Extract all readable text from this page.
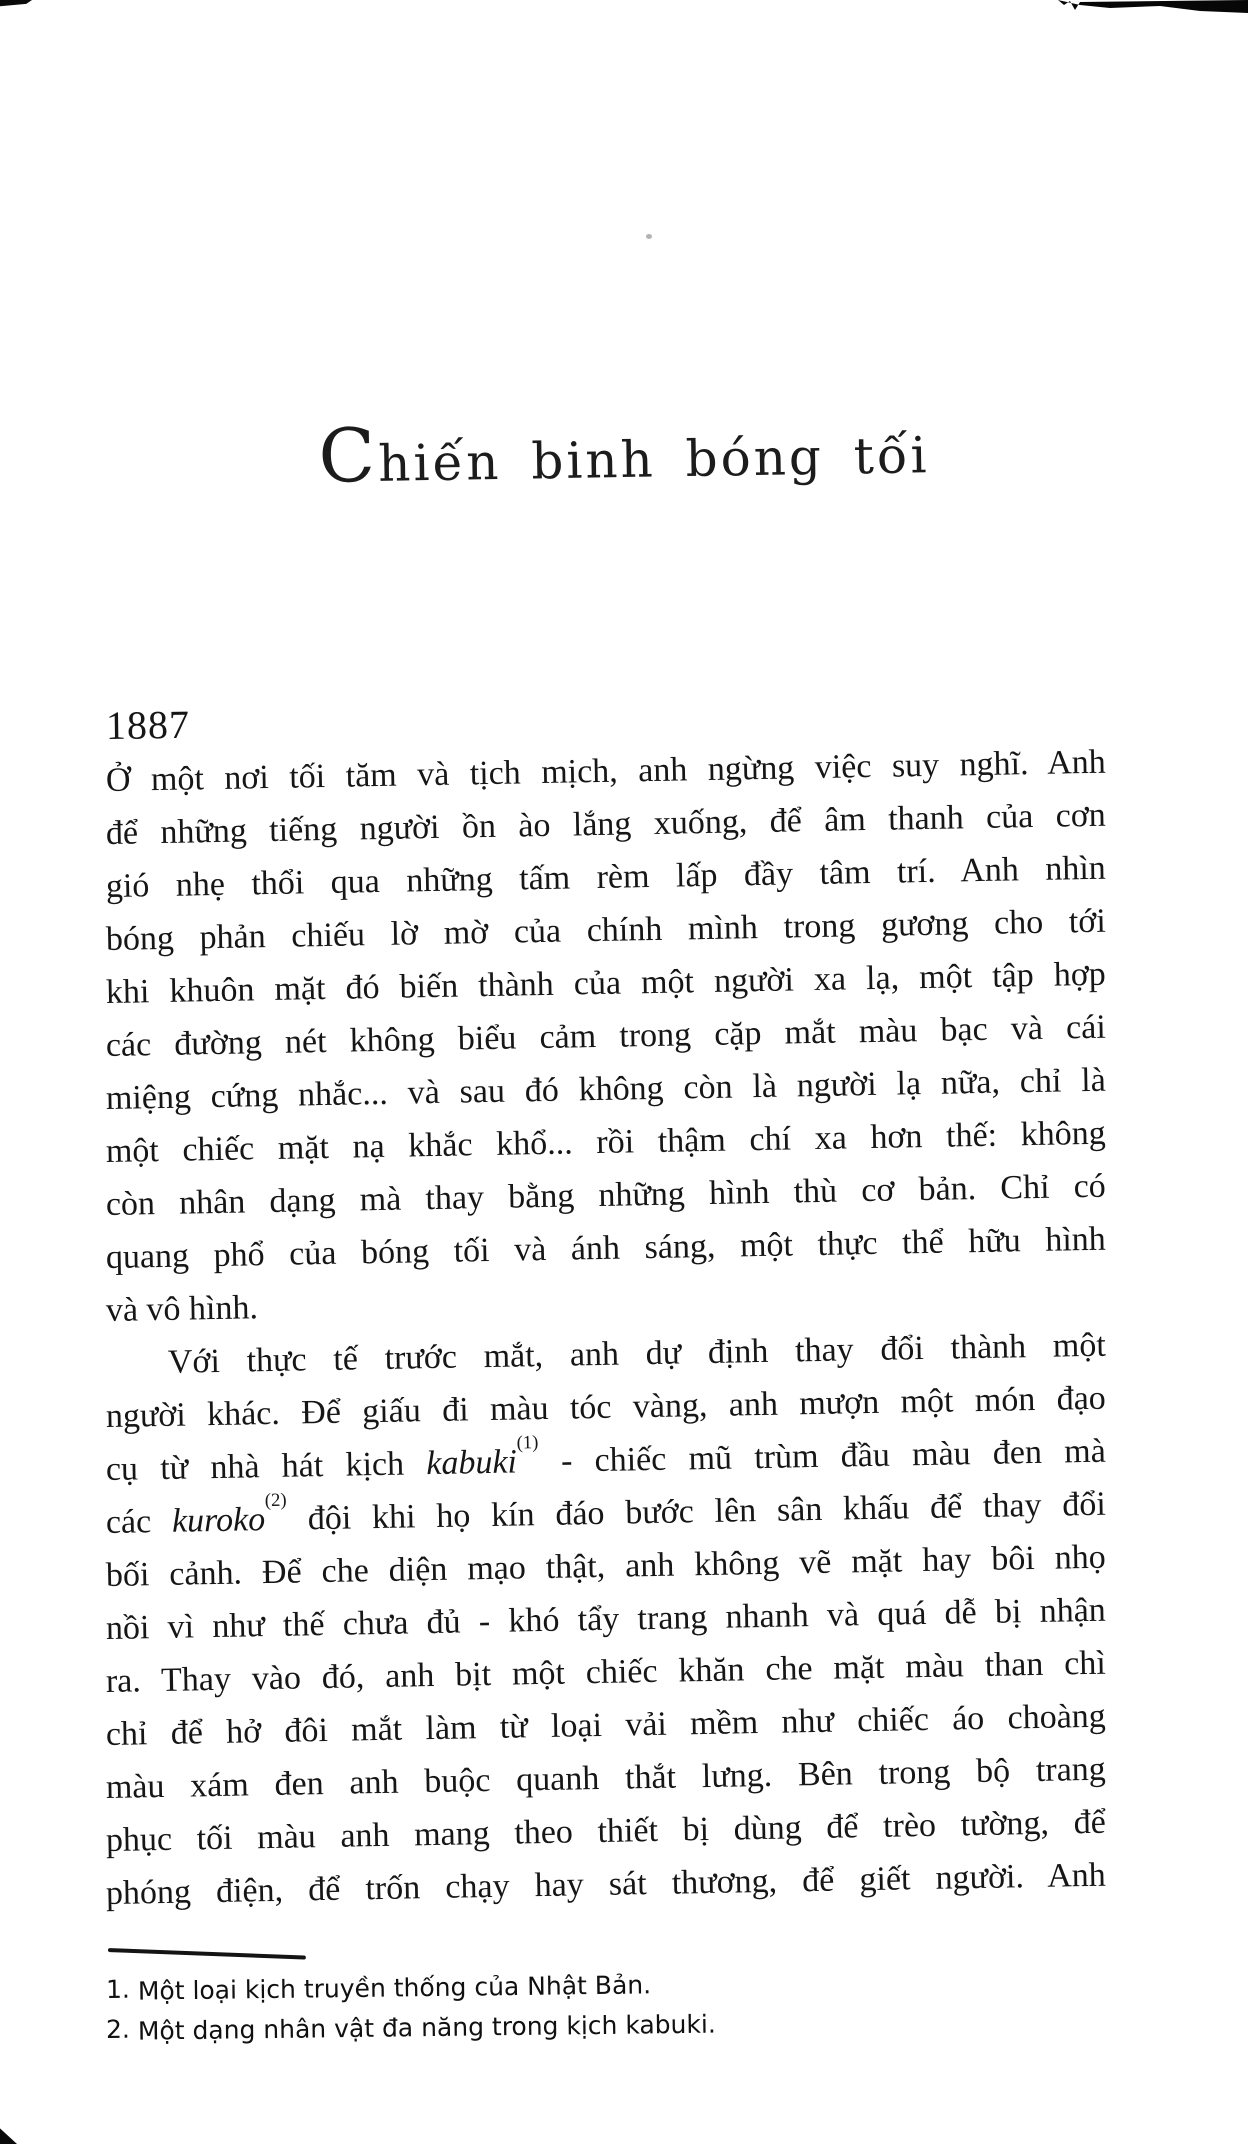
Chiến binh bóng tối
1887
Ở một nơi tối tăm và tịch mịch, anh ngừng việc suy nghĩ. Anh
để những tiếng người ồn ào lắng xuống, để âm thanh của cơn
gió nhẹ thổi qua những tấm rèm lấp đầy tâm trí. Anh nhìn
bóng phản chiếu lờ mờ của chính mình trong gương cho tới
khi khuôn mặt đó biến thành của một người xa lạ, một tập hợp
các đường nét không biểu cảm trong cặp mắt màu bạc và cái
miệng cứng nhắc... và sau đó không còn là người lạ nữa, chỉ là
một chiếc mặt nạ khắc khổ... rồi thậm chí xa hơn thế: không
còn nhân dạng mà thay bằng những hình thù cơ bản. Chỉ có
quang phổ của bóng tối và ánh sáng, một thực thể hữu hình
và vô hình.
Với thực tế trước mắt, anh dự định thay đổi thành một
người khác. Để giấu đi màu tóc vàng, anh mượn một món đạo
cụ từ nhà hát kịch kabuki$^{(1)}$ - chiếc mũ trùm đầu màu đen mà
các kuroko$^{(2)}$ đội khi họ kín đáo bước lên sân khấu để thay đổi
bối cảnh. Để che diện mạo thật, anh không vẽ mặt hay bôi nhọ
nồi vì như thế chưa đủ - khó tẩy trang nhanh và quá dễ bị nhận
ra. Thay vào đó, anh bịt một chiếc khăn che mặt màu than chì
chỉ để hở đôi mắt làm từ loại vải mềm như chiếc áo choàng
màu xám đen anh buộc quanh thắt lưng. Bên trong bộ trang
phục tối màu anh mang theo thiết bị dùng để trèo tường, để
phóng điện, để trốn chạy hay sát thương, để giết người. Anh
1. Một loại kịch truyền thống của Nhật Bản.
2. Một dạng nhân vật đa năng trong kịch kabuki.
